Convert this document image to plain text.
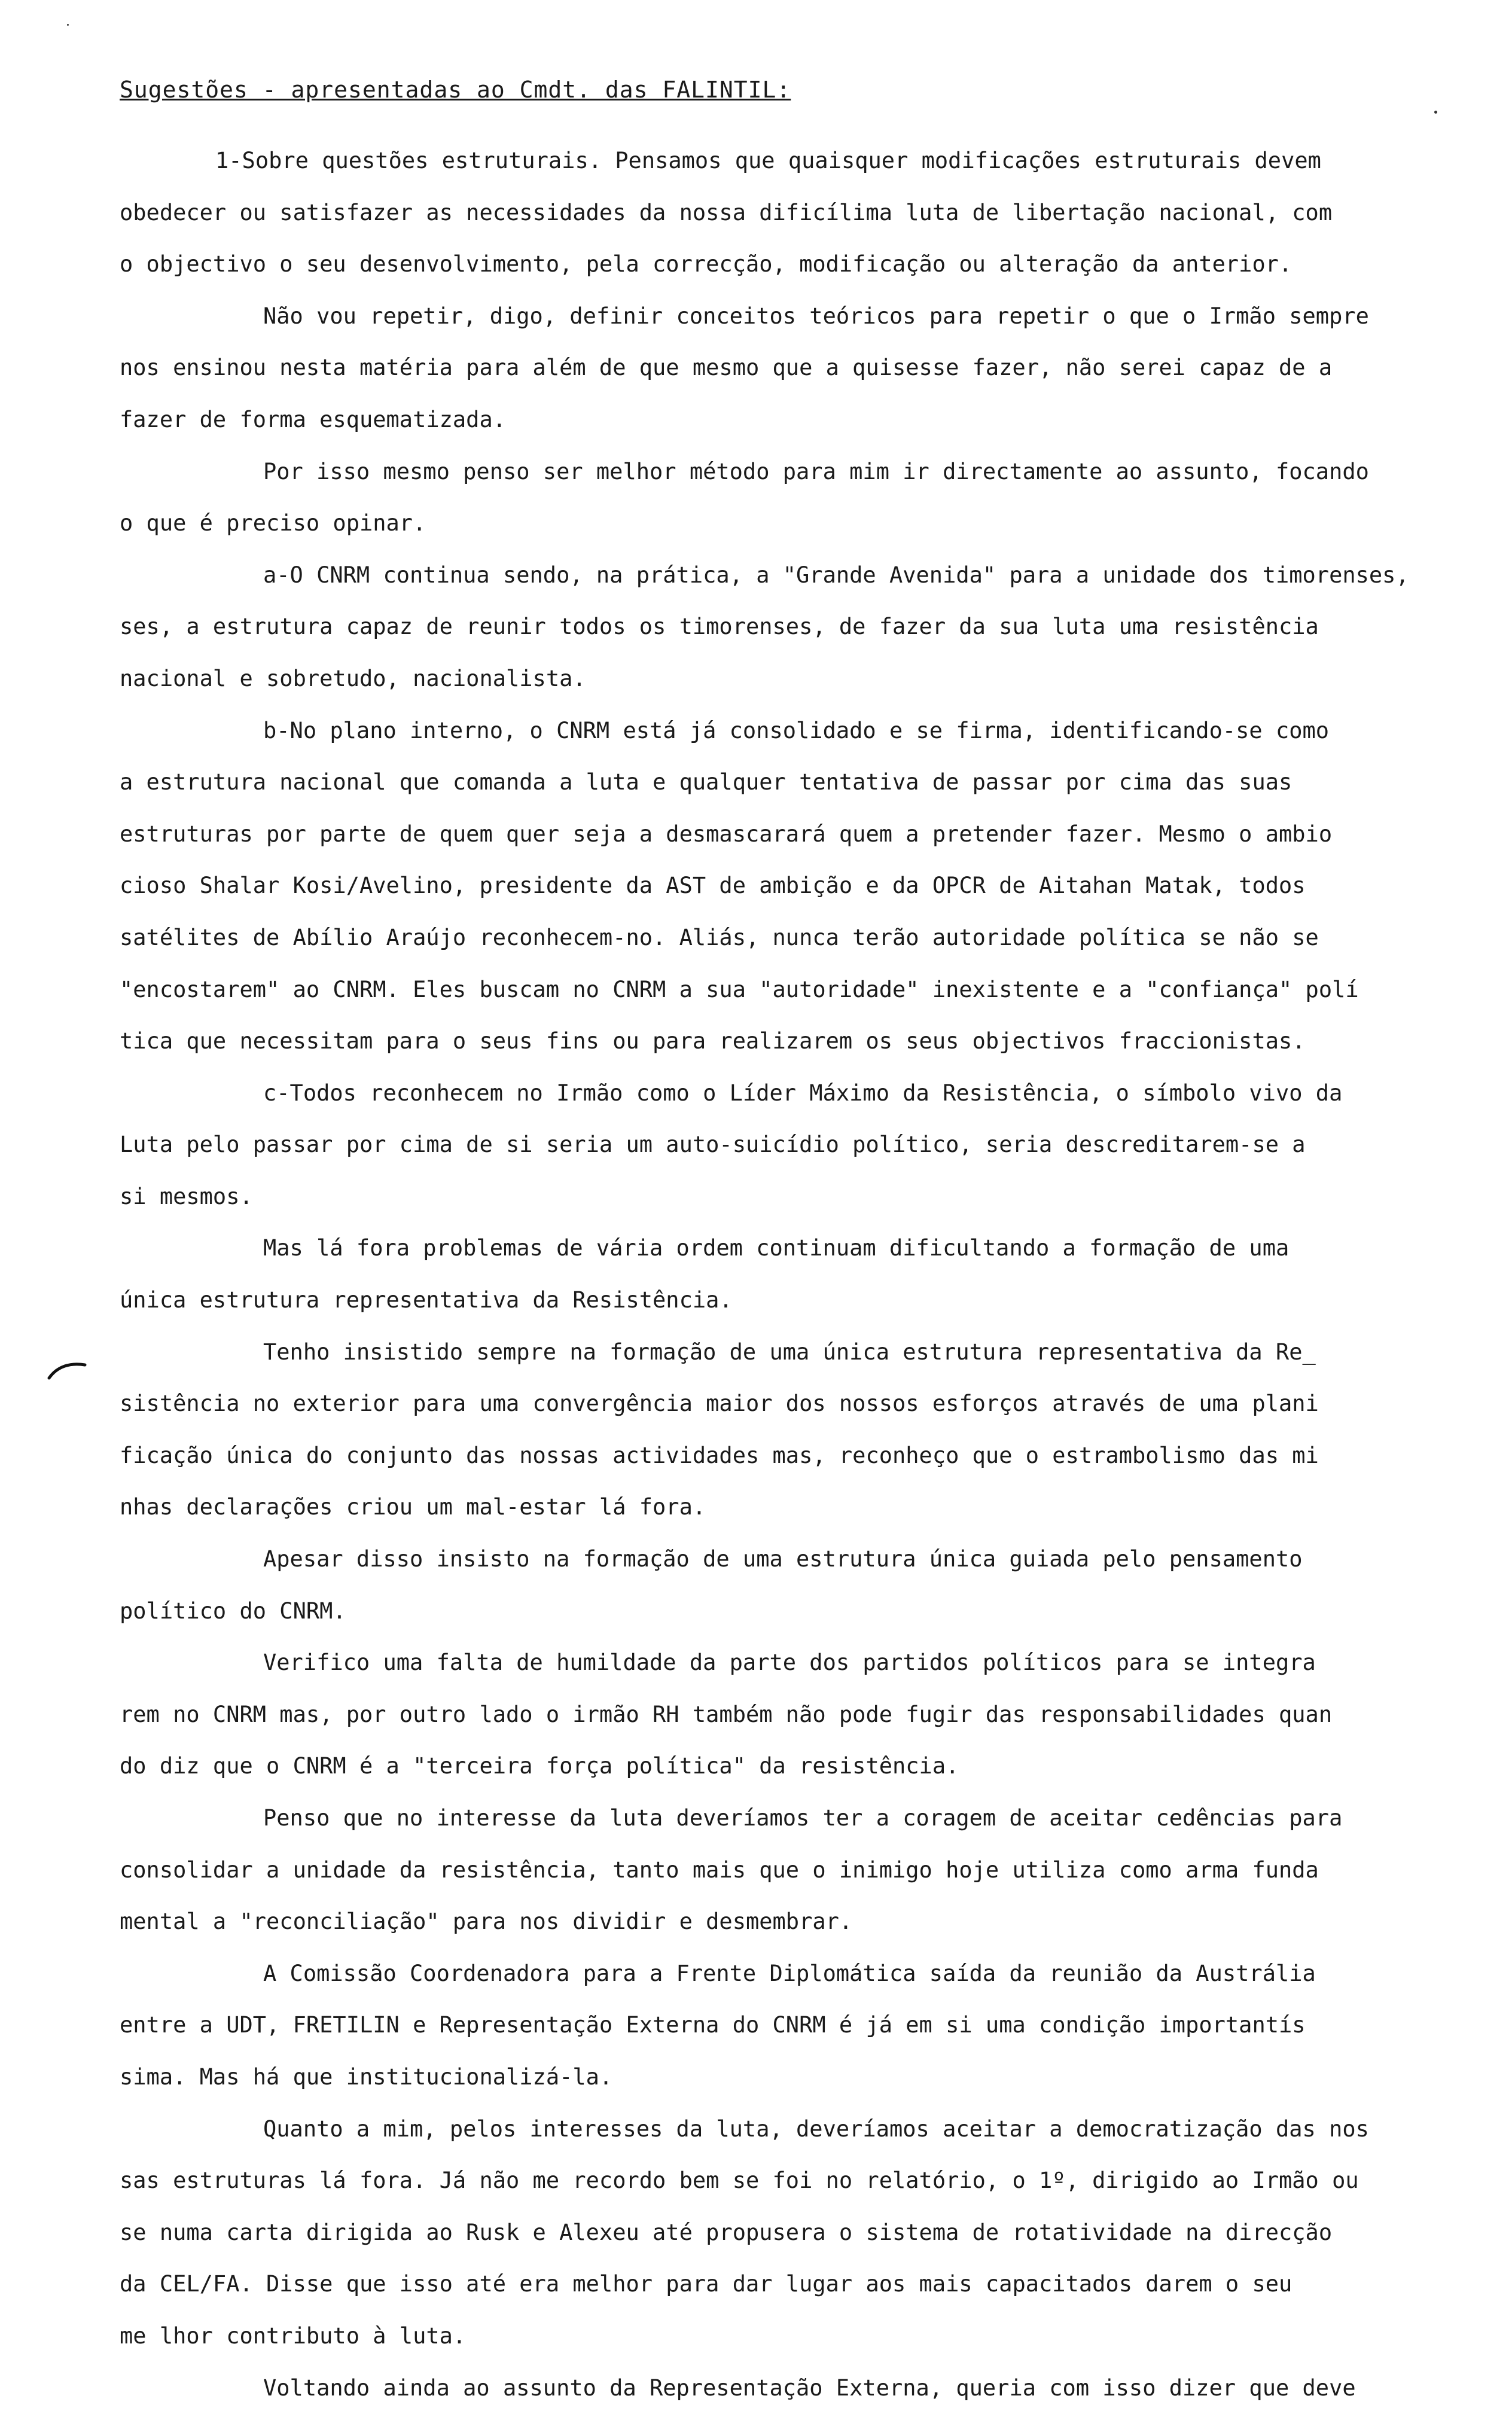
Sugestões - apresentadas ao Cmdt. das FALINTIL:
1-Sobre questões estruturais. Pensamos que quaisquer modificações estruturais devem
obedecer ou satisfazer as necessidades da nossa dificílima luta de libertação nacional, com
o objectivo o seu desenvolvimento, pela correcção, modificação ou alteração da anterior.
Não vou repetir, digo, definir conceitos teóricos para repetir o que o Irmão sempre
nos ensinou nesta matéria para além de que mesmo que a quisesse fazer, não serei capaz de a
fazer de forma esquematizada.
Por isso mesmo penso ser melhor método para mim ir directamente ao assunto, focando
o que é preciso opinar.
a-O CNRM continua sendo, na prática, a "Grande Avenida" para a unidade dos timorenses,
ses, a estrutura capaz de reunir todos os timorenses, de fazer da sua luta uma resistência
nacional e sobretudo, nacionalista.
b-No plano interno, o CNRM está já consolidado e se firma, identificando-se como
a estrutura nacional que comanda a luta e qualquer tentativa de passar por cima das suas
estruturas por parte de quem quer seja a desmascarará quem a pretender fazer. Mesmo o ambio
cioso Shalar Kosi/Avelino, presidente da AST de ambição e da OPCR de Aitahan Matak, todos
satélites de Abílio Araújo reconhecem-no. Aliás, nunca terão autoridade política se não se
"encostarem" ao CNRM. Eles buscam no CNRM a sua "autoridade" inexistente e a "confiança" polí
tica que necessitam para o seus fins ou para realizarem os seus objectivos fraccionistas.
c-Todos reconhecem no Irmão como o Líder Máximo da Resistência, o símbolo vivo da
Luta pelo passar por cima de si seria um auto-suicídio político, seria descreditarem-se a
si mesmos.
Mas lá fora problemas de vária ordem continuam dificultando a formação de uma
única estrutura representativa da Resistência.
Tenho insistido sempre na formação de uma única estrutura representativa da Re_
sistência no exterior para uma convergência maior dos nossos esforços através de uma plani
ficação única do conjunto das nossas actividades mas, reconheço que o estrambolismo das mi
nhas declarações criou um mal-estar lá fora.
Apesar disso insisto na formação de uma estrutura única guiada pelo pensamento
político do CNRM.
Verifico uma falta de humildade da parte dos partidos políticos para se integra
rem no CNRM mas, por outro lado o irmão RH também não pode fugir das responsabilidades quan
do diz que o CNRM é a "terceira força política" da resistência.
Penso que no interesse da luta deveríamos ter a coragem de aceitar cedências para
consolidar a unidade da resistência, tanto mais que o inimigo hoje utiliza como arma funda
mental a "reconciliação" para nos dividir e desmembrar.
A Comissão Coordenadora para a Frente Diplomática saída da reunião da Austrália
entre a UDT, FRETILIN e Representação Externa do CNRM é já em si uma condição importantís
sima. Mas há que institucionalizá-la.
Quanto a mim, pelos interesses da luta, deveríamos aceitar a democratização das nos
sas estruturas lá fora. Já não me recordo bem se foi no relatório, o 1º, dirigido ao Irmão ou
se numa carta dirigida ao Rusk e Alexeu até propusera o sistema de rotatividade na direcção
da CEL/FA. Disse que isso até era melhor para dar lugar aos mais capacitados darem o seu
me lhor contributo à luta.
Voltando ainda ao assunto da Representação Externa, queria com isso dizer que deve
